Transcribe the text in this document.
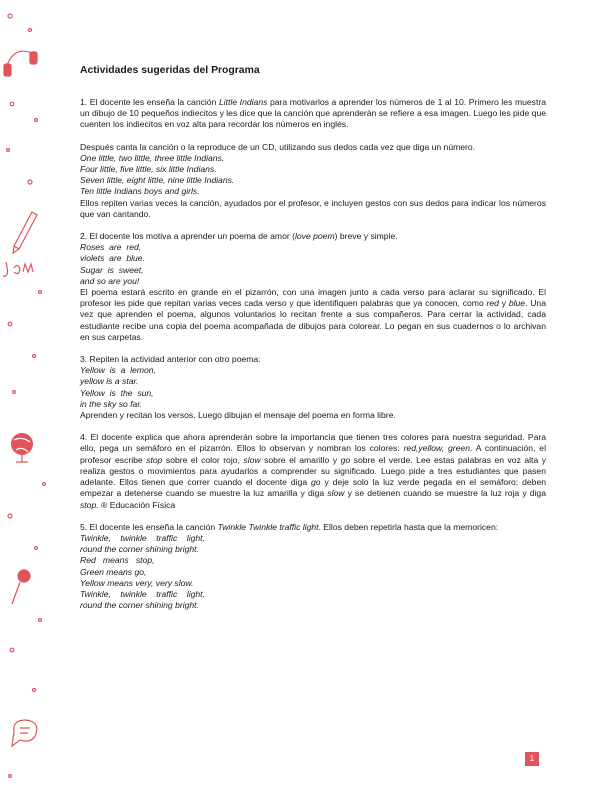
Actividades sugeridas del Programa

1. El docente les enseña la canción Little Indians para motivarlos a aprender los números de 1 al 10. Primero les muestra un dibujo de 10 pequeños indiecitos y les dice que la canción que aprenderán se refiere a esa imagen. Luego les pide que cuenten los indiecitos en voz alta para recordar los números en inglés.

Después canta la canción o la reproduce de un CD, utilizando sus dedos cada vez que diga un número.

One little, two little, three little Indians.
Four little, five little, six little Indians.
Seven little, eight little, nine little Indians.
Ten little Indians boys and girls.

Ellos repiten varias veces la canción, ayudados por el profesor, e incluyen gestos con sus dedos para indicar los números que van cantando.

2. El docente los motiva a aprender un poema de amor (love poem) breve y simple.

Roses  are  red,
violets  are  blue.
Sugar  is  sweet,
and so are you!

El poema estará escrito en grande en el pizarrón, con una imagen junto a cada verso para aclarar su significado. El profesor les pide que repitan varias veces cada verso y que identifiquen palabras que ya conocen, como red y blue. Una vez que aprenden el poema, algunos voluntarios lo recitan frente a sus compañeros. Para cerrar la actividad, cada estudiante recibe una copia del poema acompañada de dibujos para colorear. Lo pegan en sus cuadernos o lo archivan en sus carpetas.

3. Repiten la actividad anterior con otro poema:

Yellow  is  a  lemon,
yellow is a star.
Yellow  is  the  sun,
in the sky so far.

Aprenden y recitan los versos. Luego dibujan el mensaje del poema en forma libre.

4. El docente explica que ahora aprenderán sobre la importancia que tienen tres colores para nuestra seguridad. Para ello, pega un semáforo en el pizarrón. Ellos lo observan y nombran los colores: red,yellow, green. A continuación, el profesor escribe stop sobre el color rojo, slow sobre el amarillo y go sobre el verde. Lee estas palabras en voz alta y realiza gestos o movimientos para ayudarlos a comprender su significado. Luego pide a tres estudiantes que pasen adelante. Ellos tienen que correr cuando el docente diga go y deje solo la luz verde pegada en el semáforo: deben empezar a detenerse cuando se muestre la luz amarilla y diga slow y se detienen cuando se muestre la luz roja y diga stop. ® Educación Física

5. El docente les enseña la canción Twinkle Twinkle traffic light. Ellos deben repetirla hasta que la memoricen:

Twinkle,    twinkle    traffic    light,
round the corner shining bright.
Red   means   stop,
Green means go,
Yellow means very, very slow.
Twinkle,    twinkle    traffic    light,
round the corner shining bright.
1
